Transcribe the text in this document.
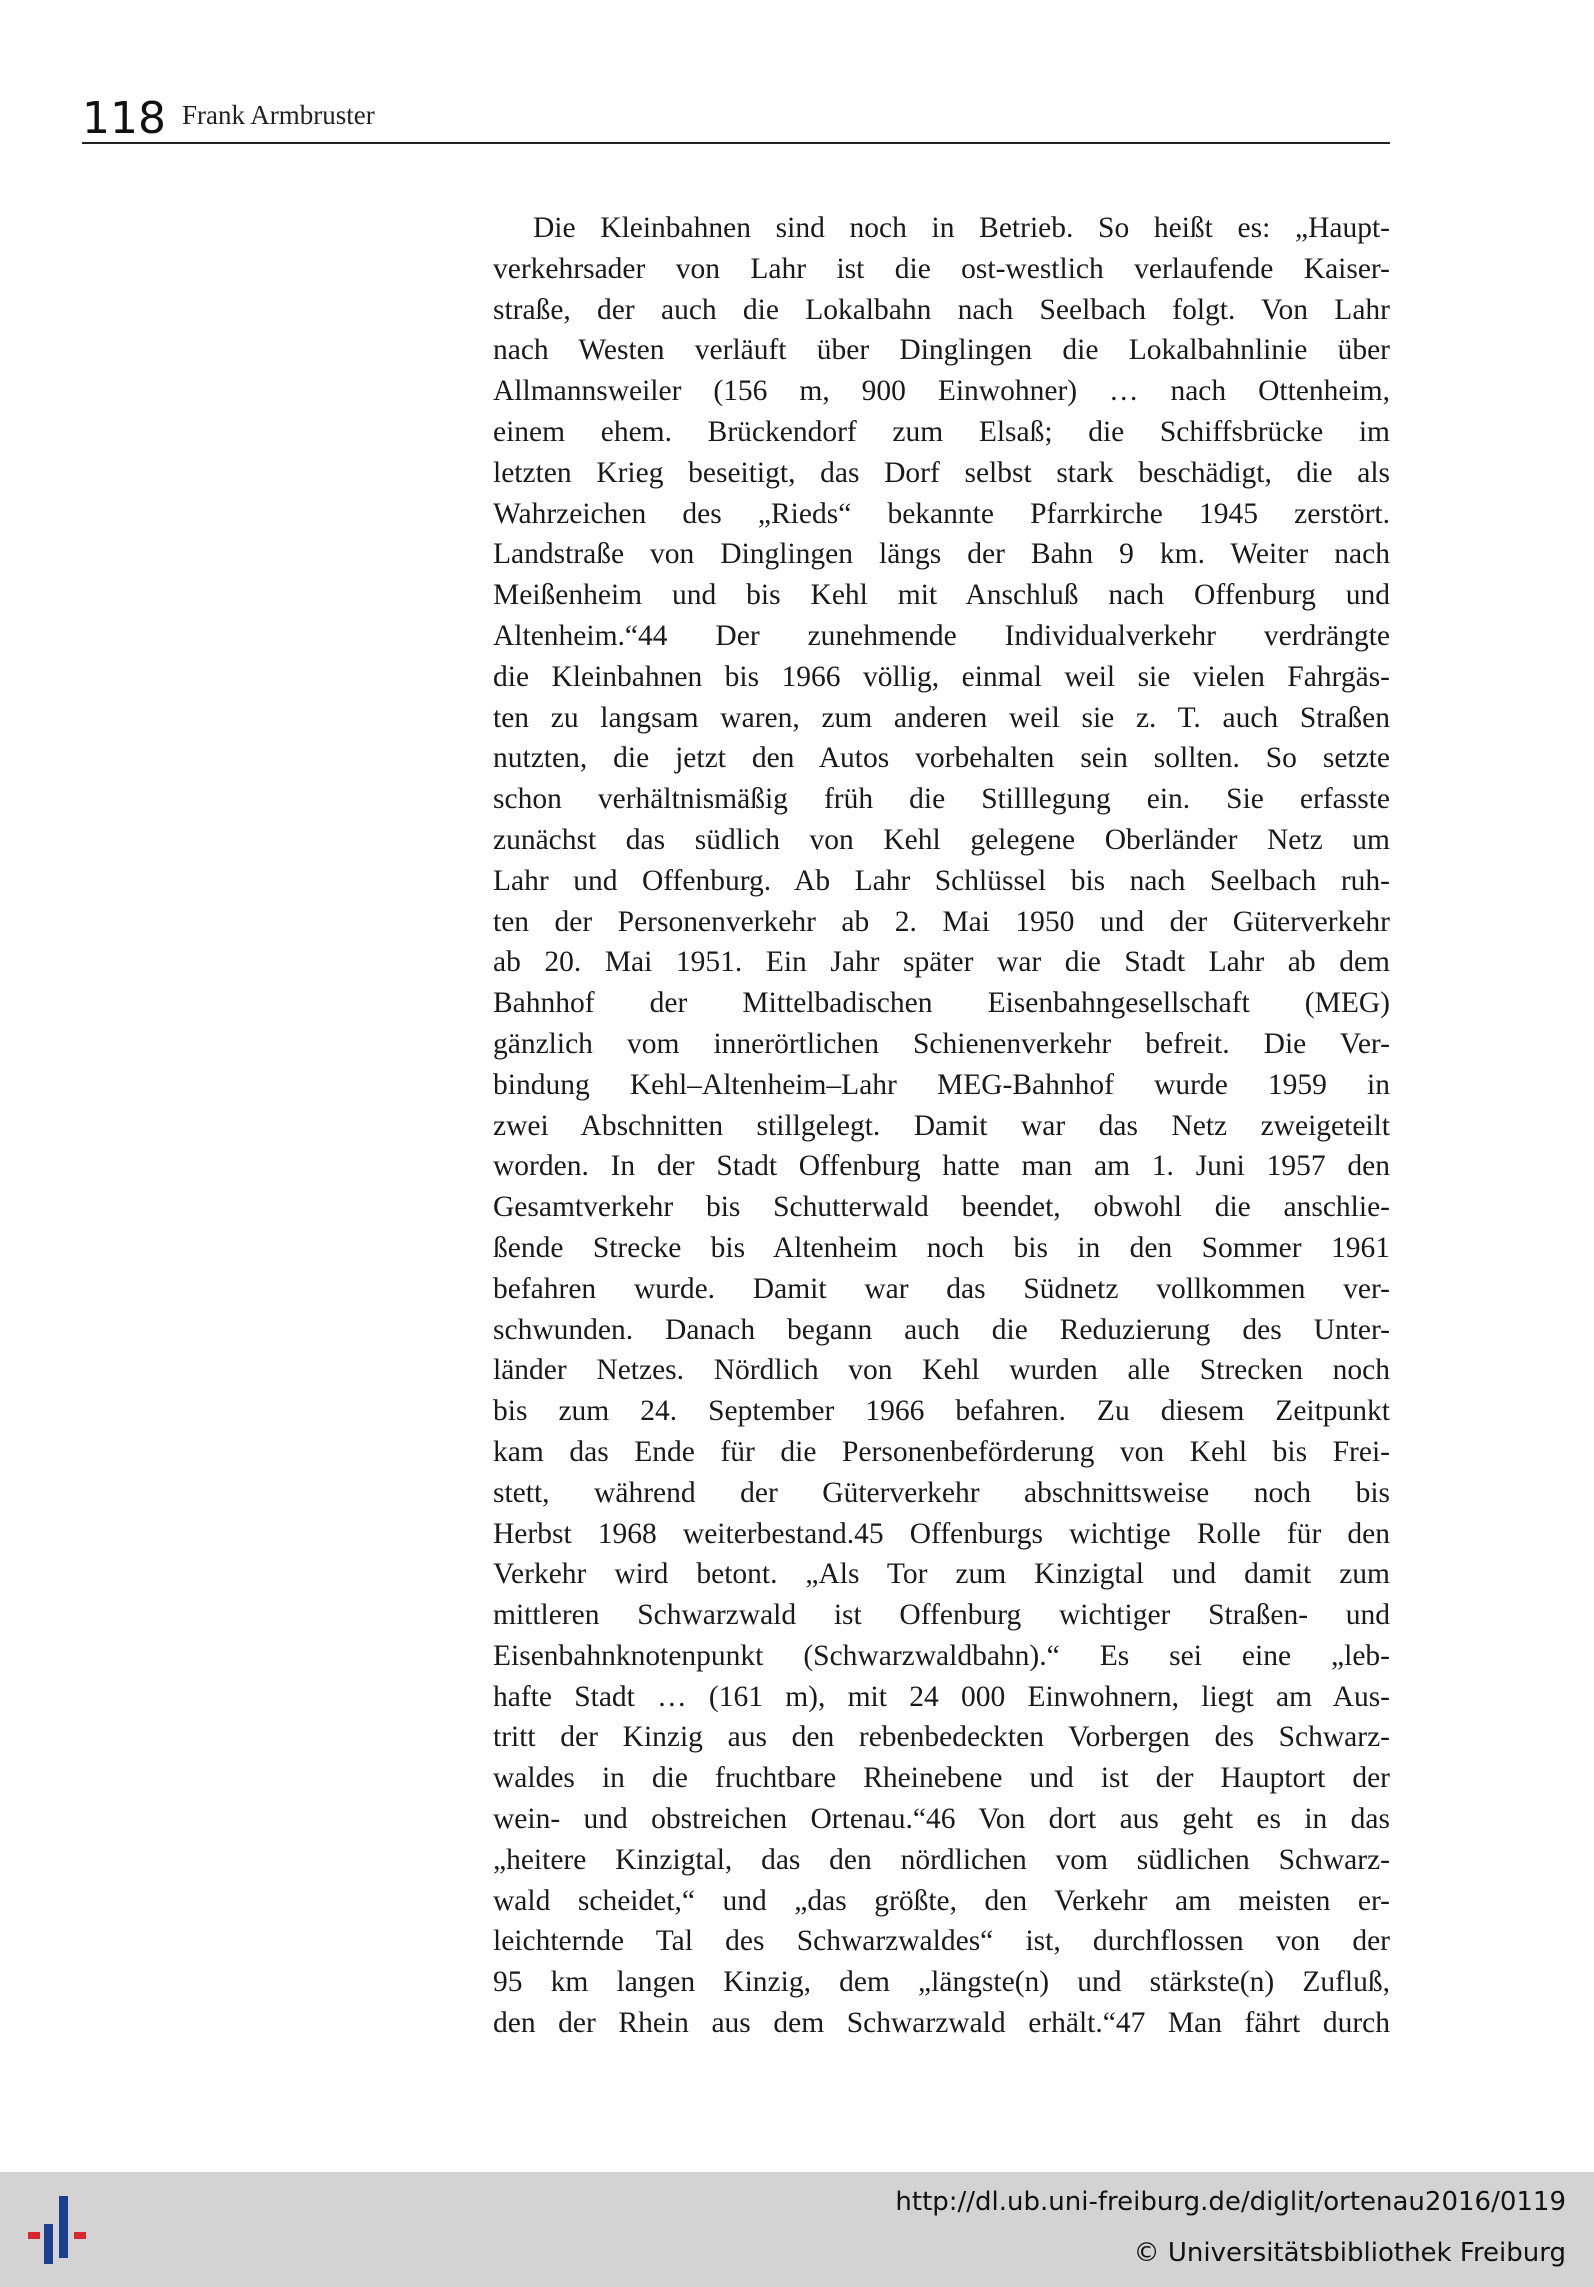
118 Frank Armbruster
Die Kleinbahnen sind noch in Betrieb. So heißt es: „Haupt-
verkehrsader von Lahr ist die ost-westlich verlaufende Kaiser-
straße, der auch die Lokalbahn nach Seelbach folgt. Von Lahr
nach Westen verläuft über Dinglingen die Lokalbahnlinie über
Allmannsweiler (156 m, 900 Einwohner) … nach Ottenheim,
einem ehem. Brückendorf zum Elsaß; die Schiffsbrücke im
letzten Krieg beseitigt, das Dorf selbst stark beschädigt, die als
Wahrzeichen des „Rieds“ bekannte Pfarrkirche 1945 zerstört.
Landstraße von Dinglingen längs der Bahn 9 km. Weiter nach
Meißenheim und bis Kehl mit Anschluß nach Offenburg und
Altenheim.“44 Der zunehmende Individualverkehr verdrängte
die Kleinbahnen bis 1966 völlig, einmal weil sie vielen Fahrgäs-
ten zu langsam waren, zum anderen weil sie z. T. auch Straßen
nutzten, die jetzt den Autos vorbehalten sein sollten. So setzte
schon verhältnismäßig früh die Stilllegung ein. Sie erfasste
zunächst das südlich von Kehl gelegene Oberländer Netz um
Lahr und Offenburg. Ab Lahr Schlüssel bis nach Seelbach ruh-
ten der Personenverkehr ab 2. Mai 1950 und der Güterverkehr
ab 20. Mai 1951. Ein Jahr später war die Stadt Lahr ab dem
Bahnhof der Mittelbadischen Eisenbahngesellschaft (MEG)
gänzlich vom innerörtlichen Schienenverkehr befreit. Die Ver-
bindung Kehl–Altenheim–Lahr MEG-Bahnhof wurde 1959 in
zwei Abschnitten stillgelegt. Damit war das Netz zweigeteilt
worden. In der Stadt Offenburg hatte man am 1. Juni 1957 den
Gesamtverkehr bis Schutterwald beendet, obwohl die anschlie-
ßende Strecke bis Altenheim noch bis in den Sommer 1961
befahren wurde. Damit war das Südnetz vollkommen ver-
schwunden. Danach begann auch die Reduzierung des Unter-
länder Netzes. Nördlich von Kehl wurden alle Strecken noch
bis zum 24. September 1966 befahren. Zu diesem Zeitpunkt
kam das Ende für die Personenbeförderung von Kehl bis Frei-
stett, während der Güterverkehr abschnittsweise noch bis
Herbst 1968 weiterbestand.45 Offenburgs wichtige Rolle für den
Verkehr wird betont. „Als Tor zum Kinzigtal und damit zum
mittleren Schwarzwald ist Offenburg wichtiger Straßen- und
Eisenbahnknotenpunkt (Schwarzwaldbahn).“ Es sei eine „leb-
hafte Stadt … (161 m), mit 24 000 Einwohnern, liegt am Aus-
tritt der Kinzig aus den rebenbedeckten Vorbergen des Schwarz-
waldes in die fruchtbare Rheinebene und ist der Hauptort der
wein- und obstreichen Ortenau.“46 Von dort aus geht es in das
„heitere Kinzigtal, das den nördlichen vom südlichen Schwarz-
wald scheidet,“ und „das größte, den Verkehr am meisten er-
leichternde Tal des Schwarzwaldes“ ist, durchflossen von der
95 km langen Kinzig, dem „längste(n) und stärkste(n) Zufluß,
den der Rhein aus dem Schwarzwald erhält.“47 Man fährt durch
http://dl.ub.uni-freiburg.de/diglit/ortenau2016/0119
© Universitätsbibliothek Freiburg
